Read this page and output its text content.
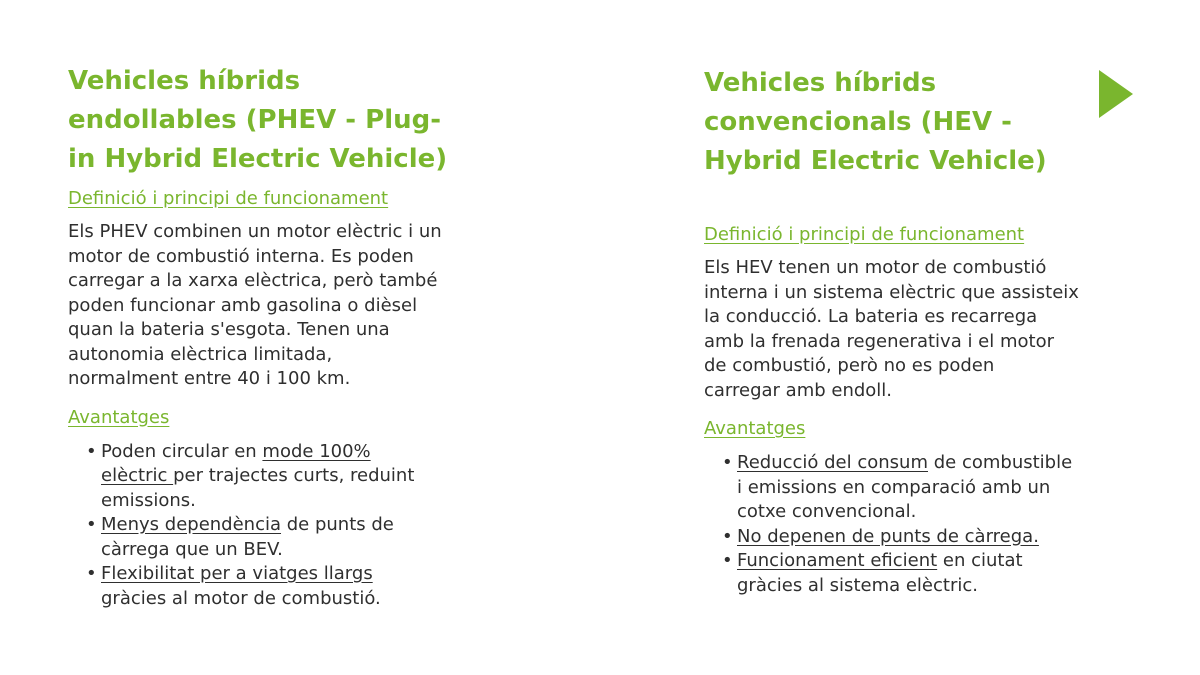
Vehicles híbrids
endollables (PHEV - Plug-
in Hybrid Electric Vehicle)
Definició i principi de funcionament

Els PHEV combinen un motor elèctric i un
motor de combustió interna. Es poden
carregar a la xarxa elèctrica, però també
poden funcionar amb gasolina o dièsel
quan la bateria s'esgota. Tenen una
autonomia elèctrica limitada,
normalment entre 40 i 100 km.

Avantatges
• Poden circular en mode 100%
elèctric per trajectes curts, reduint
emissions.
• Menys dependència de punts de
càrrega que un BEV.
• Flexibilitat per a viatges llargs
gràcies al motor de combustió.
Vehicles híbrids
convencionals (HEV -
Hybrid Electric Vehicle)
Definició i principi de funcionament

Els HEV tenen un motor de combustió
interna i un sistema elèctric que assisteix
la conducció. La bateria es recarrega
amb la frenada regenerativa i el motor
de combustió, però no es poden
carregar amb endoll.

Avantatges
• Reducció del consum de combustible
i emissions en comparació amb un
cotxe convencional.
• No depenen de punts de càrrega.
• Funcionament eficient en ciutat
gràcies al sistema elèctric.
